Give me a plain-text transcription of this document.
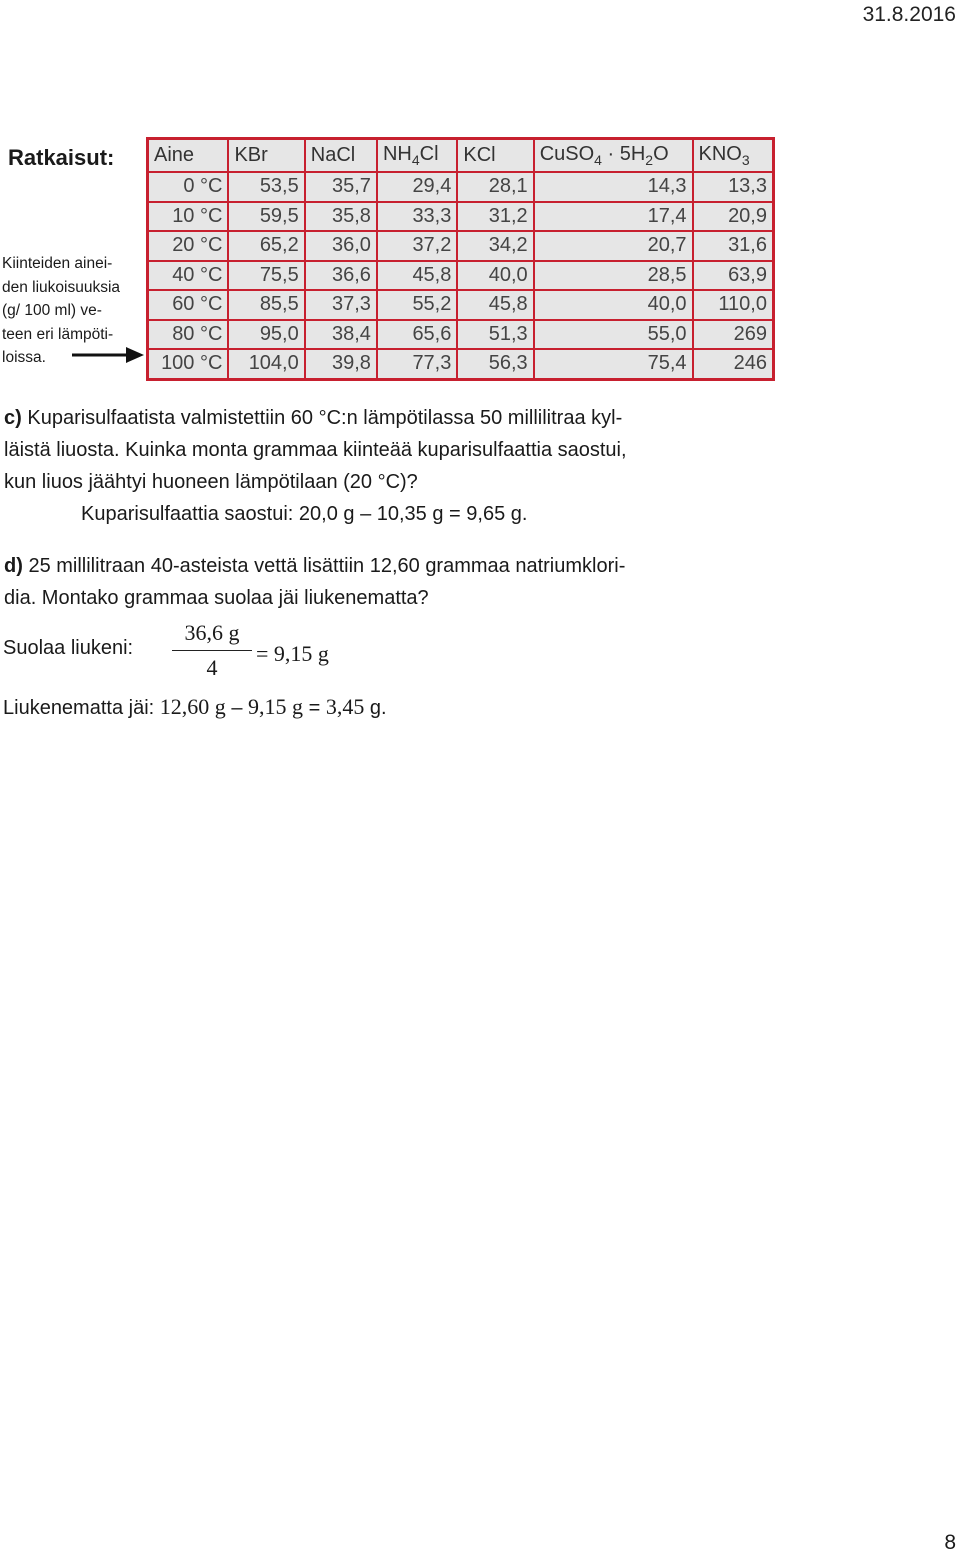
31.8.2016
Ratkaisut:
Kiinteiden ainei-
den liukoisuuksia
(g/ 100 ml) ve-
teen eri lämpöti-
loissa.
Aine	KBr	NaCl	$NH_4Cl$	KCl	CuSO$_4$ · $5H_2O$	$KNO_3$
0 °C	53,5	35,7	29,4	28,1	14,3	13,3
10 °C	59,5	35,8	33,3	31,2	17,4	20,9
20 °C	65,2	36,0	37,2	34,2	20,7	31,6
40 °C	75,5	36,6	45,8	40,0	28,5	63,9
60 °C	85,5	37,3	55,2	45,8	40,0	110,0
80 °C	95,0	38,4	65,6	51,3	55,0	269
100 °C	104,0	39,8	77,3	56,3	75,4	246
c) Kuparisulfaatista valmistettiin 60 °C:n lämpötilassa 50 millilitraa kyl-
läistä liuosta. Kuinka monta grammaa kiinteää kuparisulfaattia saostui,
kun liuos jäähtyi huoneen lämpötilaan (20 °C)?
Kuparisulfaattia saostui: 20,0 g – 10,35 g = 9,65 g.
d) 25 millilitraan 40-asteista vettä lisättiin 12,60 grammaa natriumklori-
dia. Montako grammaa suolaa jäi liukenematta?
Suolaa liukeni:
36,6 g
4
= 9,15 g
Liukenematta jäi: 12,60 g – 9,15 g = 3,45 g.
8
